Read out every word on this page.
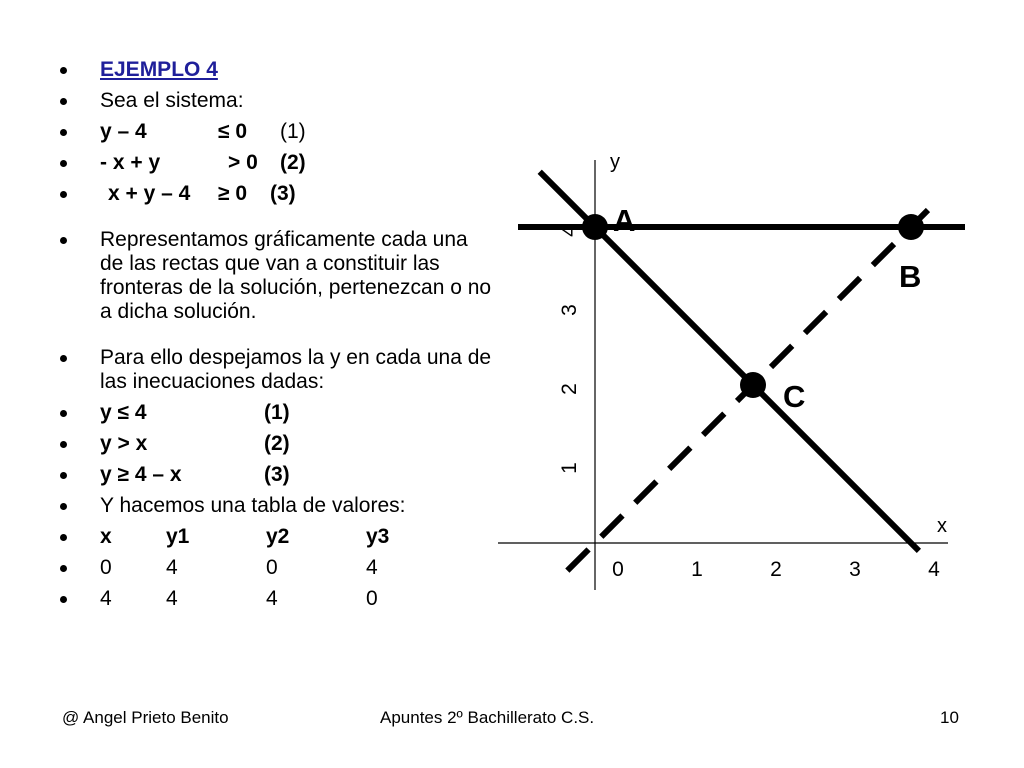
EJEMPLO 4
Sea el sistema:
y – 4	≤ 0 (1)
- x + y	> 0 (2)
x + y – 4 ≥ 0 (3)
Representamos gráficamente cada una de las rectas que van a constituir las fronteras de la solución, pertenezcan o no a dicha solución.
Para ello despejamos la y en cada una de las inecuaciones dadas:
y ≤ 4	(1)
y > x	(2)
y ≥ 4 – x	(3)
Y hacemos una tabla de valores:
x	y1	y2	y3
0	4	0	4
4	4	4	0
x
y
0	1	2	3	4
1
2
3
4 A
B
C
@ Angel Prieto Benito	Apuntes 2º Bachillerato C.S.	10
